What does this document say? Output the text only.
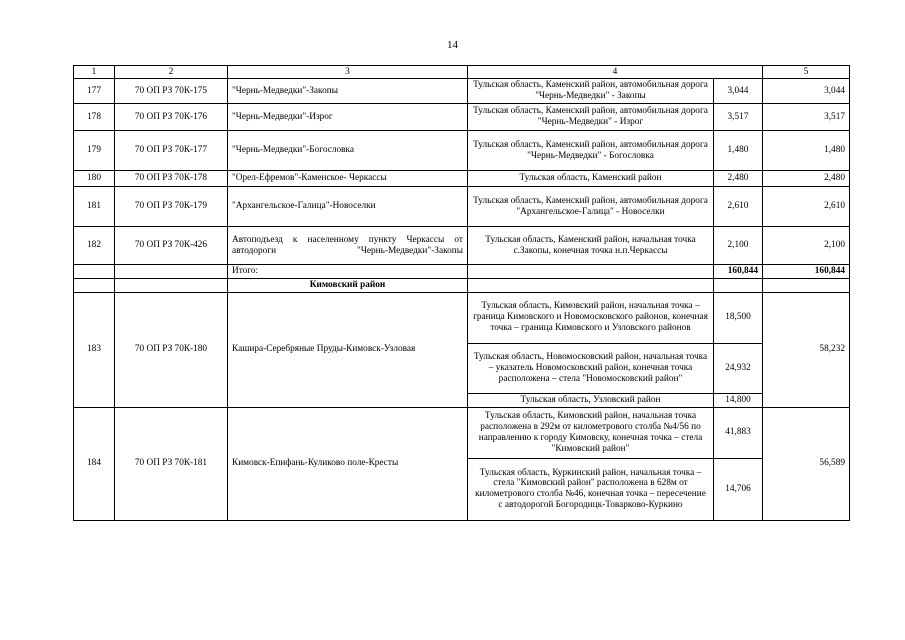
14
1	2	3	4		5
177	70 ОП РЗ 70К-175	"Чернь-Медведки"-Закопы	Тульская область, Каменский район, автомобильная дорога "Чернь-Медведки" - Закопы	3,044	3,044
178	70 ОП РЗ 70К-176	"Чернь-Медведки"-Изрог	Тульская область, Каменский район, автомобильная дорога "Чернь-Медведки" - Изрог	3,517	3,517
179	70 ОП РЗ 70К-177	"Чернь-Медведки"-Богословка	Тульская область, Каменский район, автомобильная дорога "Чернь-Медведки" - Богословка	1,480	1,480
180	70 ОП РЗ 70К-178	"Орел-Ефремов"-Каменское- Черкассы	Тульская область, Каменский район	2,480	2,480
181	70 ОП РЗ 70К-179	"Архангельское-Галица"-Новоселки	Тульская область, Каменский район, автомобильная дорога "Архангельское-Галица" - Новоселки	2,610	2,610
182	70 ОП РЗ 70К-426	Автоподъезд к населенному пункту Черкассы от автодороги "Чернь-Медведки"-Закопы	Тульская область, Каменский район, начальная точка с.Закопы, конечная точка н.п.Черкассы	2,100	2,100
		Итого:		160,844	160,844
		Кимовский район			
183	70 ОП РЗ 70К-180	Кашира-Серебряные Пруды-Кимовск-Узловая	Тульская область, Кимовский район, начальная точка – граница Кимовского и Новомосковского районов, конечная точка – граница Кимовского и Узловского районов	18,500	58,232
			Тульская область, Новомосковский район, начальная точка – указатель Новомосковский район, конечная точка расположена – стела "Новомосковский район"	24,932	
			Тульская область, Узловский район	14,800	
184	70 ОП РЗ 70К-181	Кимовск-Епифань-Куликово поле-Кресты	Тульская область, Кимовский район, начальная точка расположена в 292м от километрового столба №4/56 по направлению к городу Кимовску, конечная точка – стела "Кимовский район"	41,883	56,589
			Тульская область, Куркинский район, начальная точка – стела "Кимовский район" расположена в 628м от километрового столба №46, конечная точка – пересечение с автодорогой Богородицк-Товарково-Куркино	14,706	
